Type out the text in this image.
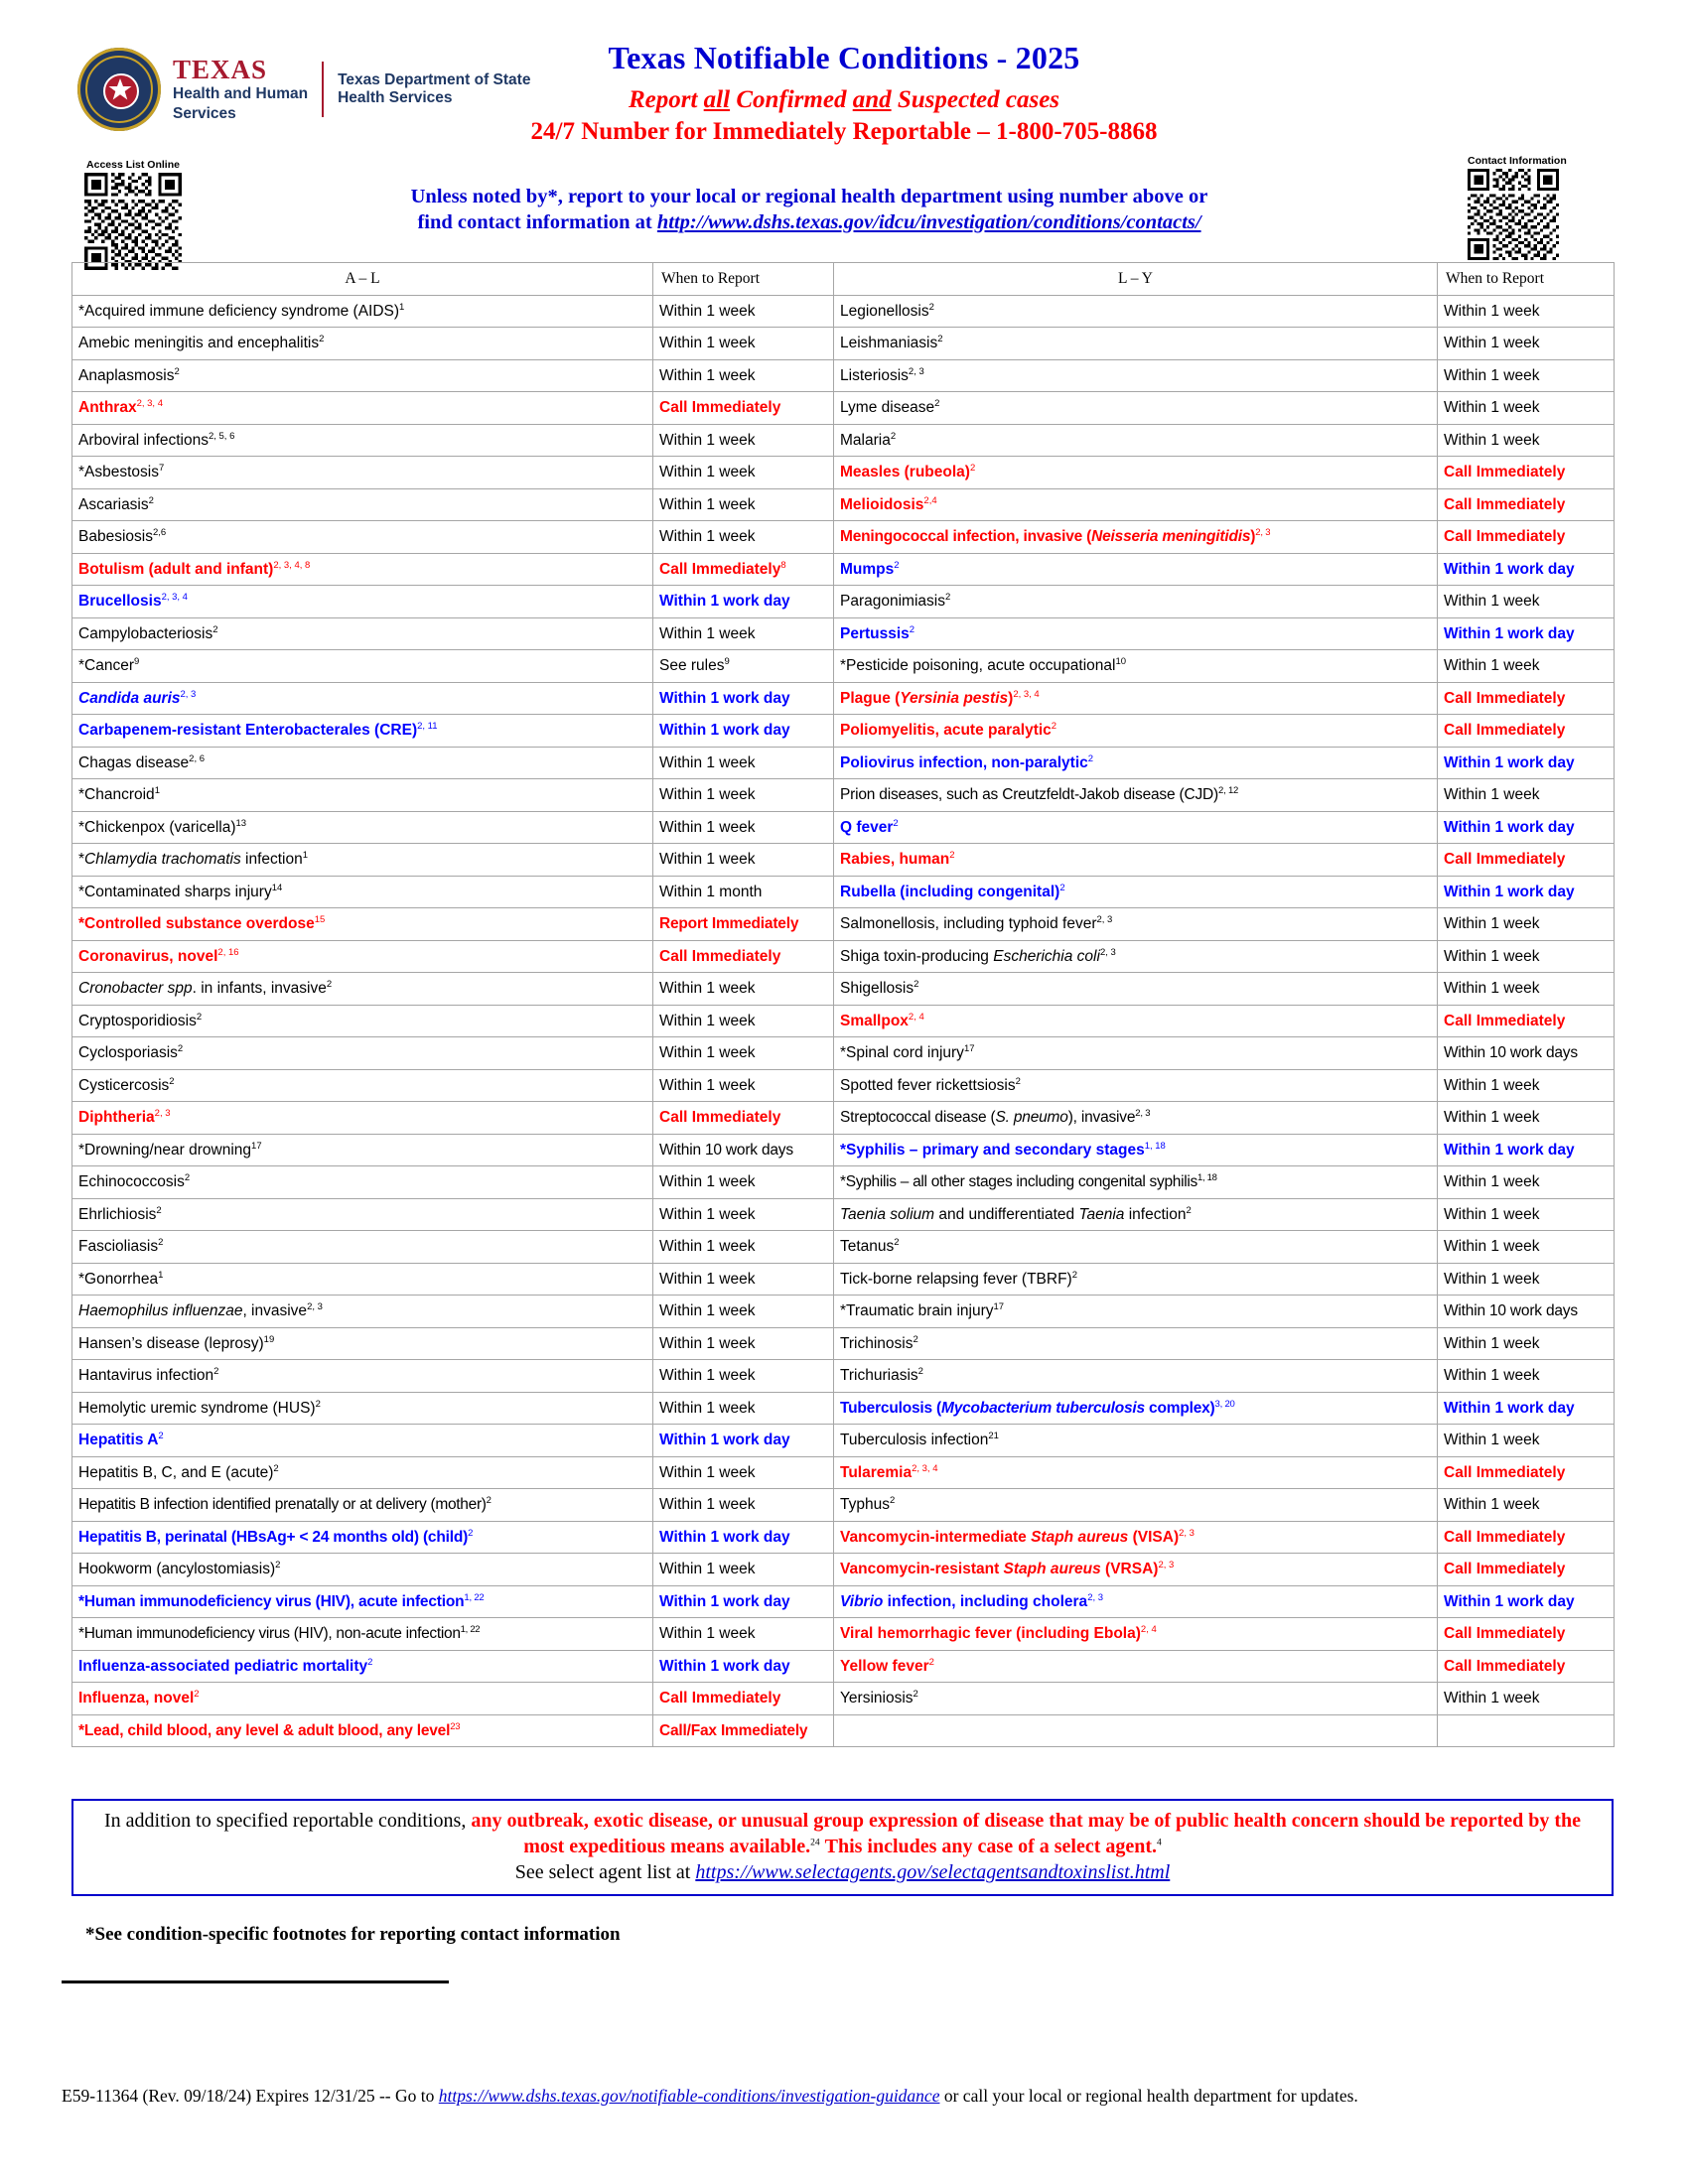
TEXAS
Health and Human
Services
Texas Department of State
Health Services
Texas Notifiable Conditions - 2025
Report all Confirmed and Suspected cases
24/7 Number for Immediately Reportable – 1-800-705-8868
Access List Online	Contact Information
Unless noted by*, report to your local or regional health department using number above or
find contact information at http://www.dshs.texas.gov/idcu/investigation/conditions/contacts/
A – L	When to Report	L – Y	When to Report
*Acquired immune deficiency syndrome (AIDS)$^1$	Within 1 week	Legionellosis$^2$	Within 1 week
Amebic meningitis and encephalitis$^2$	Within 1 week	Leishmaniasis$^2$	Within 1 week
Anaplasmosis$^2$	Within 1 week	Listeriosis$^{2, 3}$	Within 1 week
Anthrax$^{2, 3, 4}$	Call Immediately	Lyme disease$^2$	Within 1 week
Arboviral infections$^{2, 5, 6}$	Within 1 week	Malaria$^2$	Within 1 week
*Asbestosis$^7$	Within 1 week	Measles (rubeola)$^2$	Call Immediately
Ascariasis$^2$	Within 1 week	Melioidosis$^{2,4}$	Call Immediately
Babesiosis$^{2,6}$	Within 1 week	Meningococcal infection, invasive (Neisseria meningitidis)$^{2, 3}$	Call Immediately
Botulism (adult and infant)$^{2, 3, 4, 8}$	Call Immediately$^8$	Mumps$^2$	Within 1 work day
Brucellosis$^{2, 3, 4}$	Within 1 work day	Paragonimiasis$^2$	Within 1 week
Campylobacteriosis$^2$	Within 1 week	Pertussis$^2$	Within 1 work day
*Cancer$^9$	See rules$^9$	*Pesticide poisoning, acute occupational$^{10}$	Within 1 week
Candida auris$^{2, 3}$	Within 1 work day	Plague (Yersinia pestis)$^{2, 3, 4}$	Call Immediately
Carbapenem-resistant Enterobacterales (CRE)$^{2, 11}$	Within 1 work day	Poliomyelitis, acute paralytic$^2$	Call Immediately
Chagas disease$^{2, 6}$	Within 1 week	Poliovirus infection, non-paralytic$^2$	Within 1 work day
*Chancroid$^1$	Within 1 week	Prion diseases, such as Creutzfeldt-Jakob disease (CJD)$^{2, 12}$	Within 1 week
*Chickenpox (varicella)$^{13}$	Within 1 week	Q fever$^2$	Within 1 work day
*Chlamydia trachomatis infection$^1$	Within 1 week	Rabies, human$^2$	Call Immediately
*Contaminated sharps injury$^{14}$	Within 1 month	Rubella (including congenital)$^2$	Within 1 work day
*Controlled substance overdose$^{15}$	Report Immediately	Salmonellosis, including typhoid fever$^{2, 3}$	Within 1 week
Coronavirus, novel$^{2, 16}$	Call Immediately	Shiga toxin-producing Escherichia coli$^{2, 3}$	Within 1 week
Cronobacter spp. in infants, invasive$^2$	Within 1 week	Shigellosis$^2$	Within 1 week
Cryptosporidiosis$^2$	Within 1 week	Smallpox$^{2, 4}$	Call Immediately
Cyclosporiasis$^2$	Within 1 week	*Spinal cord injury$^{17}$	Within 10 work days
Cysticercosis$^2$	Within 1 week	Spotted fever rickettsiosis$^2$	Within 1 week
Diphtheria$^{2, 3}$	Call Immediately	Streptococcal disease (S. pneumo), invasive$^{2, 3}$	Within 1 week
*Drowning/near drowning$^{17}$	Within 10 work days	*Syphilis – primary and secondary stages$^{1, 18}$	Within 1 work day
Echinococcosis$^2$	Within 1 week	*Syphilis – all other stages including congenital syphilis$^{1, 18}$	Within 1 week
Ehrlichiosis$^2$	Within 1 week	Taenia solium and undifferentiated Taenia infection$^2$	Within 1 week
Fascioliasis$^2$	Within 1 week	Tetanus$^2$	Within 1 week
*Gonorrhea$^1$	Within 1 week	Tick-borne relapsing fever (TBRF)$^2$	Within 1 week
Haemophilus influenzae, invasive$^{2, 3}$	Within 1 week	*Traumatic brain injury$^{17}$	Within 10 work days
Hansen’s disease (leprosy)$^{19}$	Within 1 week	Trichinosis$^2$	Within 1 week
Hantavirus infection$^2$	Within 1 week	Trichuriasis$^2$	Within 1 week
Hemolytic uremic syndrome (HUS)$^2$	Within 1 week	Tuberculosis (Mycobacterium tuberculosis complex)$^{3, 20}$	Within 1 work day
Hepatitis $A^2$	Within 1 work day	Tuberculosis infection$^{21}$	Within 1 week
Hepatitis B, C, and E (acute)$^2$	Within 1 week	Tularemia$^{2, 3, 4}$	Call Immediately
Hepatitis B infection identified prenatally or at delivery (mother)$^2$	Within 1 week	Typhus$^2$	Within 1 week
Hepatitis B, perinatal (HBsAg+ < 24 months old) (child)$^2$	Within 1 work day	Vancomycin-intermediate Staph aureus (VISA)$^{2, 3}$	Call Immediately
Hookworm (ancylostomiasis)$^2$	Within 1 week	Vancomycin-resistant Staph aureus (VRSA)$^{2, 3}$	Call Immediately
*Human immunodeficiency virus (HIV), acute infection$^{1, 22}$	Within 1 work day	Vibrio infection, including cholera$^{2, 3}$	Within 1 work day
*Human immunodeficiency virus (HIV), non-acute infection$^{1, 22}$	Within 1 week	Viral hemorrhagic fever (including Ebola)$^{2, 4}$	Call Immediately
Influenza-associated pediatric mortality$^2$	Within 1 work day	Yellow fever$^2$	Call Immediately
Influenza, novel$^2$	Call Immediately	Yersiniosis$^2$	Within 1 week
*Lead, child blood, any level & adult blood, any level$^{23}$	Call/Fax Immediately		
In addition to specified reportable conditions, any outbreak, exotic disease, or unusual group expression of disease that may be of public health concern should be reported by the most expeditious means available.$^{24}$ This includes any case of a select agent.$^4$
See select agent list at https://www.selectagents.gov/selectagentsandtoxinslist.html
*See condition-specific footnotes for reporting contact information
E59-11364 (Rev. 09/18/24) Expires 12/31/25 -- Go to https://www.dshs.texas.gov/notifiable-conditions/investigation-guidance or call your local or regional health department for updates.
